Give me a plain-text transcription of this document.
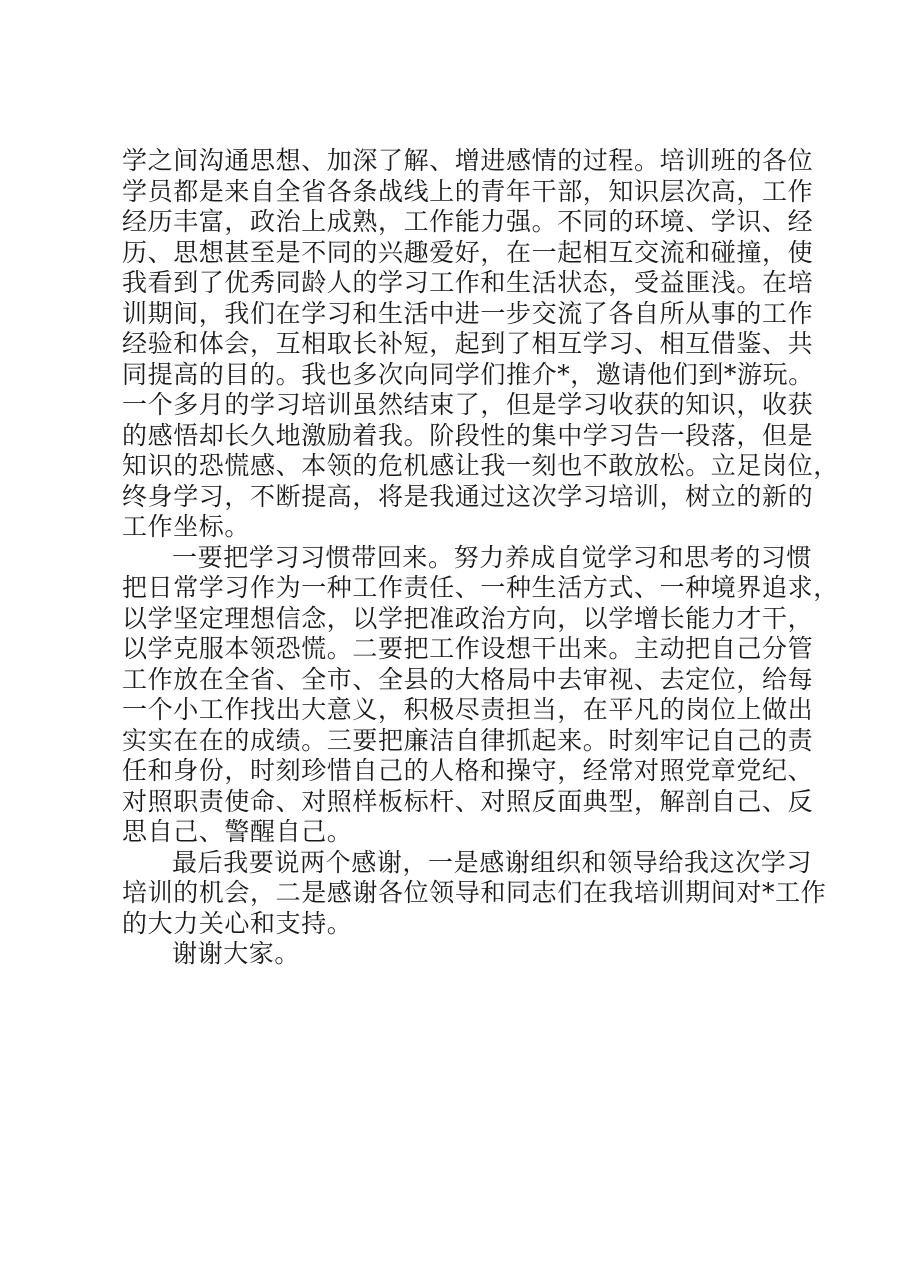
学之间沟通思想、加深了解、增进感情的过程。培训班的各位
学员都是来自全省各条战线上的青年干部，知识层次高，工作
经历丰富，政治上成熟，工作能力强。不同的环境、学识、经
历、思想甚至是不同的兴趣爱好，在一起相互交流和碰撞，使
我看到了优秀同龄人的学习工作和生活状态，受益匪浅。在培
训期间，我们在学习和生活中进一步交流了各自所从事的工作
经验和体会，互相取长补短，起到了相互学习、相互借鉴、共
同提高的目的。我也多次向同学们推介*，邀请他们到*游玩。
一个多月的学习培训虽然结束了，但是学习收获的知识，收获
的感悟却长久地激励着我。阶段性的集中学习告一段落，但是
知识的恐慌感、本领的危机感让我一刻也不敢放松。立足岗位，
终身学习，不断提高，将是我通过这次学习培训，树立的新的
工作坐标。
一要把学习习惯带回来。努力养成自觉学习和思考的习惯
把日常学习作为一种工作责任、一种生活方式、一种境界追求，
以学坚定理想信念，以学把准政治方向，以学增长能力才干，
以学克服本领恐慌。二要把工作设想干出来。主动把自己分管
工作放在全省、全市、全县的大格局中去审视、去定位，给每
一个小工作找出大意义，积极尽责担当，在平凡的岗位上做出
实实在在的成绩。三要把廉洁自律抓起来。时刻牢记自己的责
任和身份，时刻珍惜自己的人格和操守，经常对照党章党纪、
对照职责使命、对照样板标杆、对照反面典型，解剖自己、反
思自己、警醒自己。
最后我要说两个感谢，一是感谢组织和领导给我这次学习
培训的机会，二是感谢各位领导和同志们在我培训期间对*工作
的大力关心和支持。
谢谢大家。
